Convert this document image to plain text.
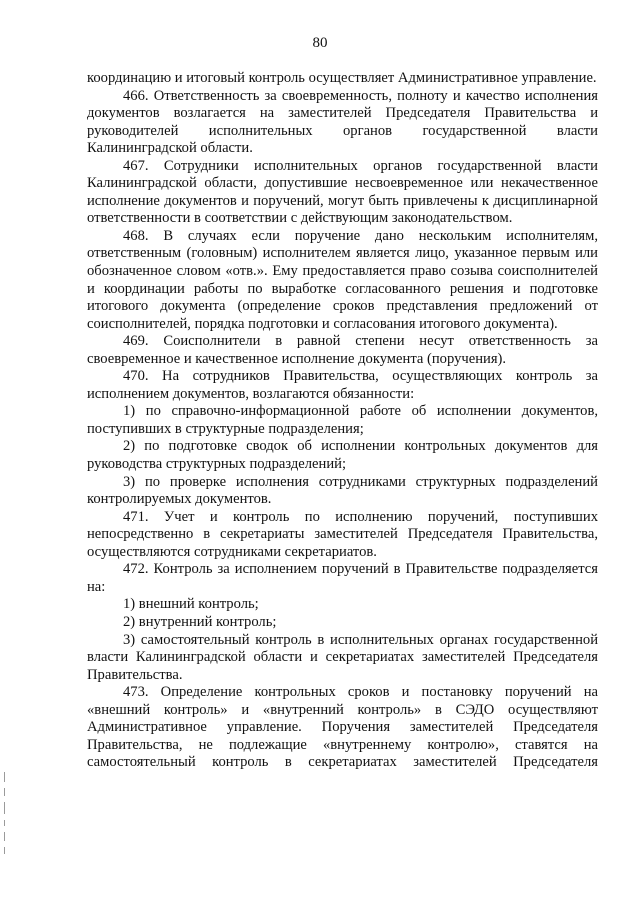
80

координацию и итоговый контроль осуществляет Административное управление.

466. Ответственность за своевременность, полноту и качество исполнения документов возлагается на заместителей Председателя Правительства и руководителей исполнительных органов государственной власти Калининградской области.

467. Сотрудники исполнительных органов государственной власти Калининградской области, допустившие несвоевременное или некачественное исполнение документов и поручений, могут быть привлечены к дисциплинарной ответственности в соответствии с действующим законодательством.

468. В случаях если поручение дано нескольким исполнителям, ответственным (головным) исполнителем является лицо, указанное первым или обозначенное словом «отв.». Ему предоставляется право созыва соисполнителей и координации работы по выработке согласованного решения и подготовке итогового документа (определение сроков представления предложений от соисполнителей, порядка подготовки и согласования итогового документа).

469. Соисполнители в равной степени несут ответственность за своевременное и качественное исполнение документа (поручения).

470. На сотрудников Правительства, осуществляющих контроль за исполнением документов, возлагаются обязанности:

1) по справочно-информационной работе об исполнении документов, поступивших в структурные подразделения;

2) по подготовке сводок об исполнении контрольных документов для руководства структурных подразделений;

3) по проверке исполнения сотрудниками структурных подразделений контролируемых документов.

471. Учет и контроль по исполнению поручений, поступивших непосредственно в секретариаты заместителей Председателя Правительства, осуществляются сотрудниками секретариатов.

472. Контроль за исполнением поручений в Правительстве подразделяется на:

1) внешний контроль;

2) внутренний контроль;

3) самостоятельный контроль в исполнительных органах государственной власти Калининградской области и секретариатах заместителей Председателя Правительства.

473. Определение контрольных сроков и постановку поручений на «внешний контроль» и «внутренний контроль» в СЭДО осуществляют Административное управление. Поручения заместителей Председателя Правительства, не подлежащие «внутреннему контролю», ставятся на самостоятельный контроль в секретариатах заместителей Председателя
